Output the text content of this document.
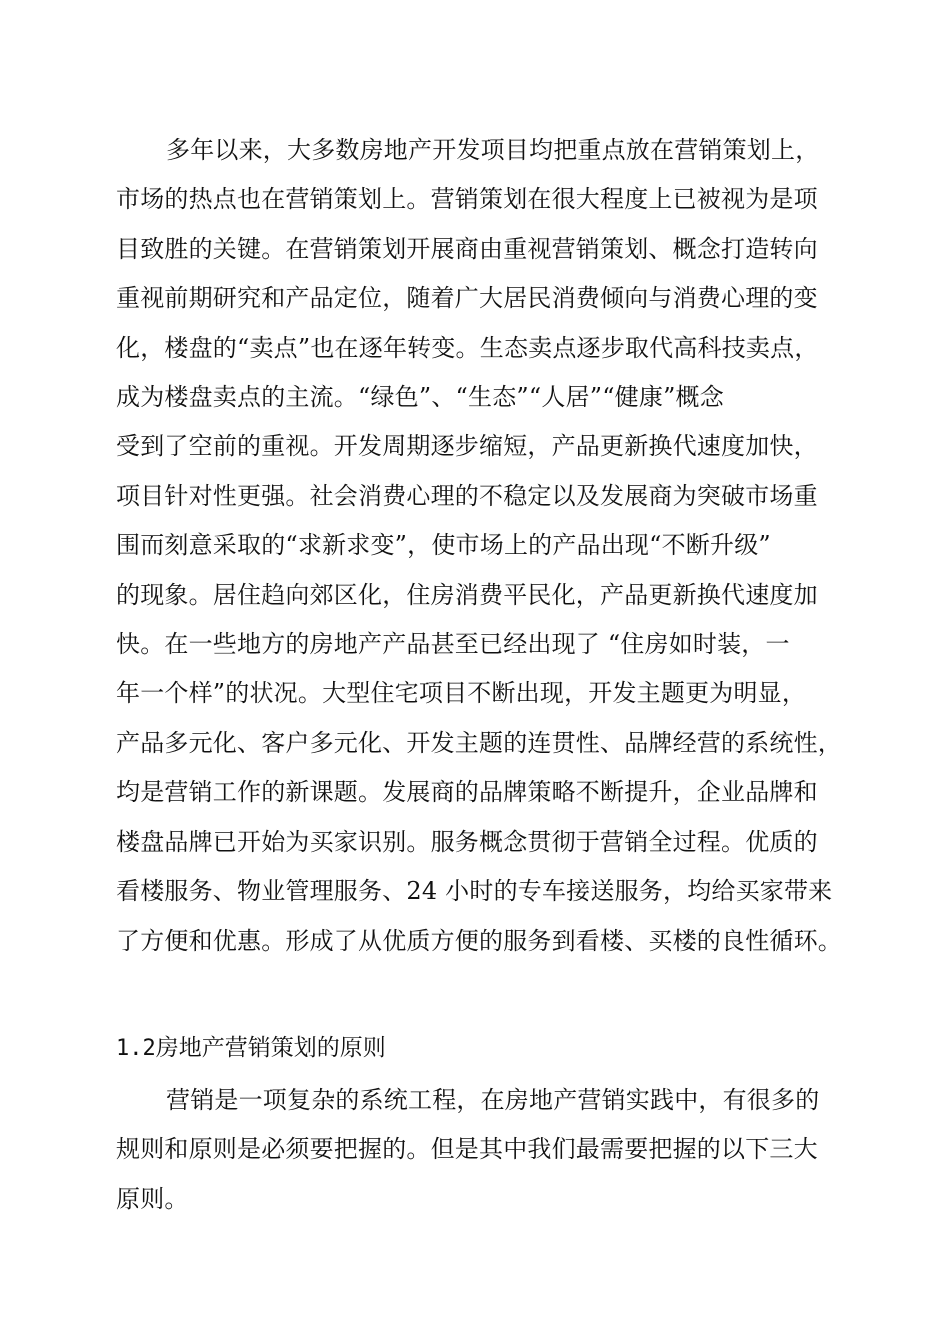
多年以来，大多数房地产开发项目均把重点放在营销策划上，
市场的热点也在营销策划上。营销策划在很大程度上已被视为是项
目致胜的关键。在营销策划开展商由重视营销策划、概念打造转向
重视前期研究和产品定位，随着广大居民消费倾向与消费心理的变
化，楼盘的“卖点”也在逐年转变。生态卖点逐步取代高科技卖点，
成为楼盘卖点的主流。“绿色”、“生态”“人居”“健康”概念
受到了空前的重视。开发周期逐步缩短，产品更新换代速度加快，
项目针对性更强。社会消费心理的不稳定以及发展商为突破市场重
围而刻意采取的“求新求变”，使市场上的产品出现“不断升级”
的现象。居住趋向郊区化，住房消费平民化，产品更新换代速度加
快。在一些地方的房地产产品甚至已经出现了 “住房如时装，一
年一个样”的状况。大型住宅项目不断出现，开发主题更为明显，
产品多元化、客户多元化、开发主题的连贯性、品牌经营的系统性，
均是营销工作的新课题。发展商的品牌策略不断提升，企业品牌和
楼盘品牌已开始为买家识别。服务概念贯彻于营销全过程。优质的
看楼服务、物业管理服务、24 小时的专车接送服务，均给买家带来
了方便和优惠。形成了从优质方便的服务到看楼、买楼的良性循环。
1.2房地产营销策划的原则
营销是一项复杂的系统工程，在房地产营销实践中，有很多的
规则和原则是必须要把握的。但是其中我们最需要把握的以下三大
原则。
